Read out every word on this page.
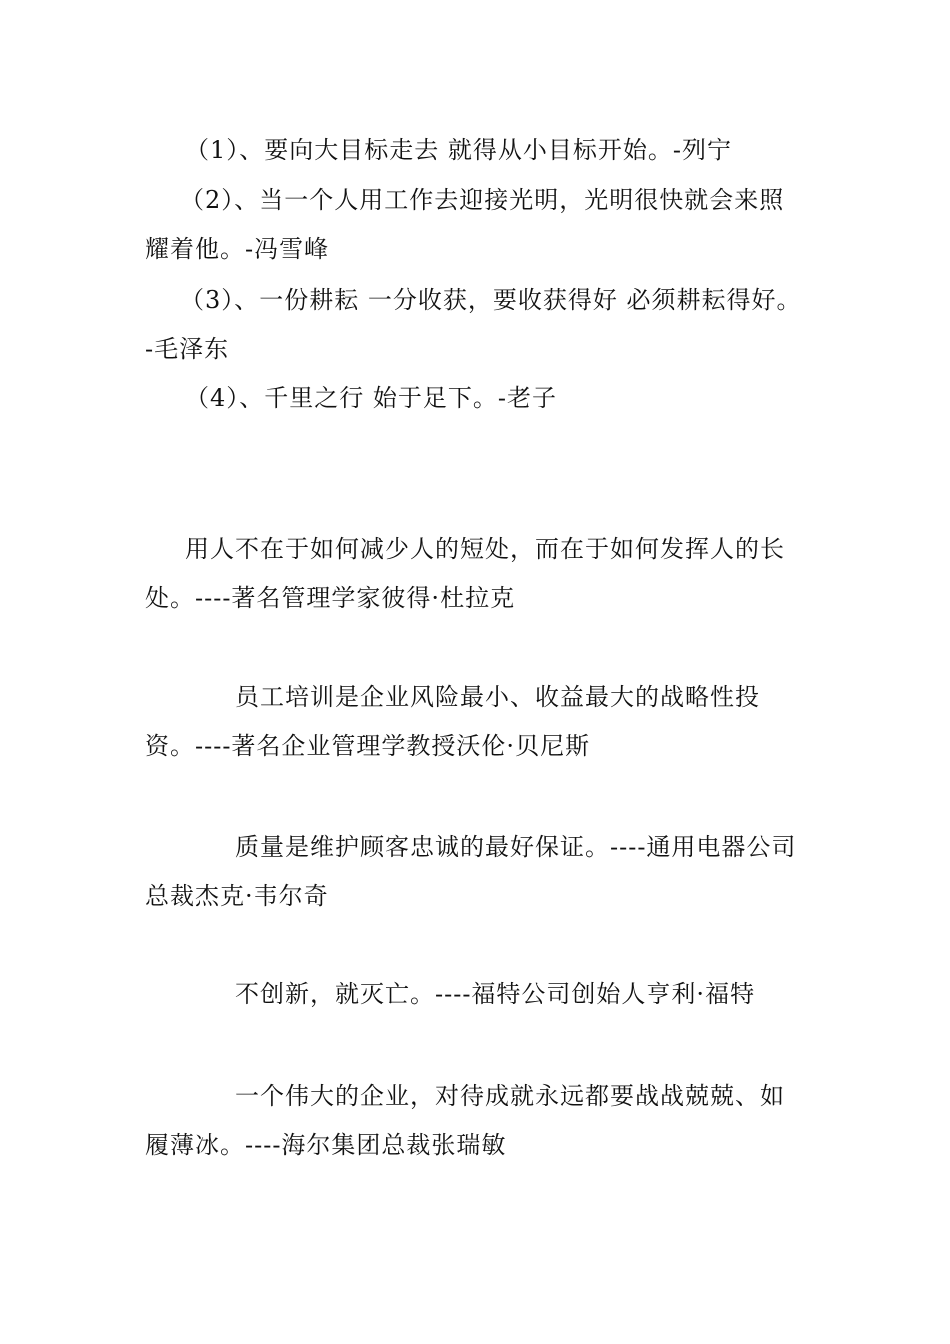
（1）、要向大目标走去 就得从小目标开始。-列宁

（2）、当一个人用工作去迎接光明，光明很快就会来照耀着他。-冯雪峰

（3）、一份耕耘 一分收获，要收获得好 必须耕耘得好。-毛泽东

（4）、千里之行 始于足下。-老子

用人不在于如何减少人的短处，而在于如何发挥人的长处。----著名管理学家彼得·杜拉克

员工培训是企业风险最小、收益最大的战略性投资。----著名企业管理学教授沃伦·贝尼斯

质量是维护顾客忠诚的最好保证。----通用电器公司总裁杰克·韦尔奇

不创新，就灭亡。----福特公司创始人亨利·福特

一个伟大的企业，对待成就永远都要战战兢兢、如履薄冰。----海尔集团总裁张瑞敏
